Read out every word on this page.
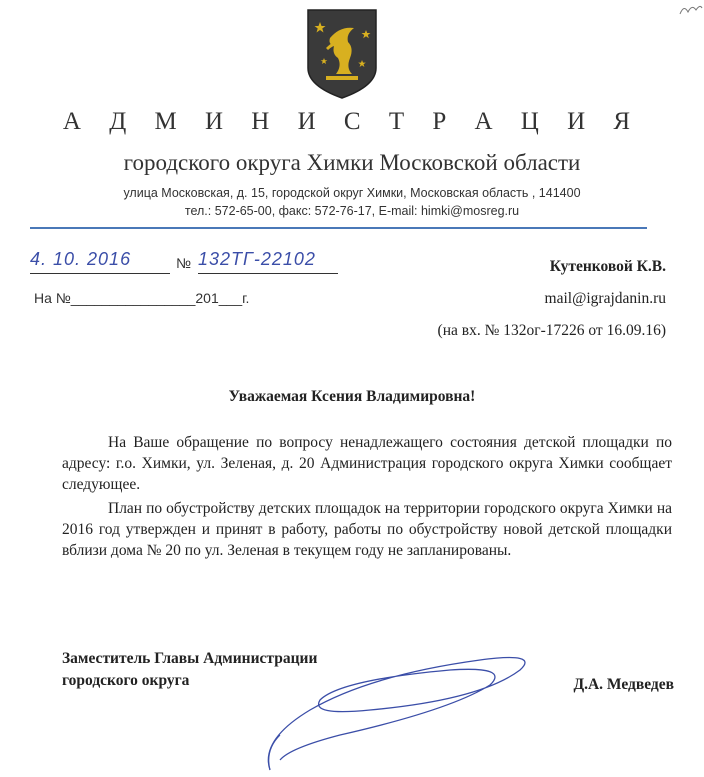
А Д М И Н И С Т Р А Ц И Я
городского округа Химки Московской области
улица Московская, д. 15, городской округ Химки, Московская область , 141400
тел.: 572-65-00, факс: 572-76-17, E-mail: himki@mosreg.ru
4. 10. 2016	№ 132ТГ-22102
На №________________201___г.
Кутенковой К.В.
mail@igrajdanin.ru
(на вх. № 132ог-17226 от 16.09.16)
Уважаемая Ксения Владимировна!
На Ваше обращение по вопросу ненадлежащего состояния детской площадки по адресу: г.о. Химки, ул. Зеленая, д. 20 Администрация городского округа Химки сообщает следующее.
План по обустройству детских площадок на территории городского округа Химки на 2016 год утвержден и принят в работу, работы по обустройству новой детской площадки вблизи дома № 20 по ул. Зеленая в текущем году не запланированы.
Заместитель Главы Администрации
городского округа	Д.А. Медведев
